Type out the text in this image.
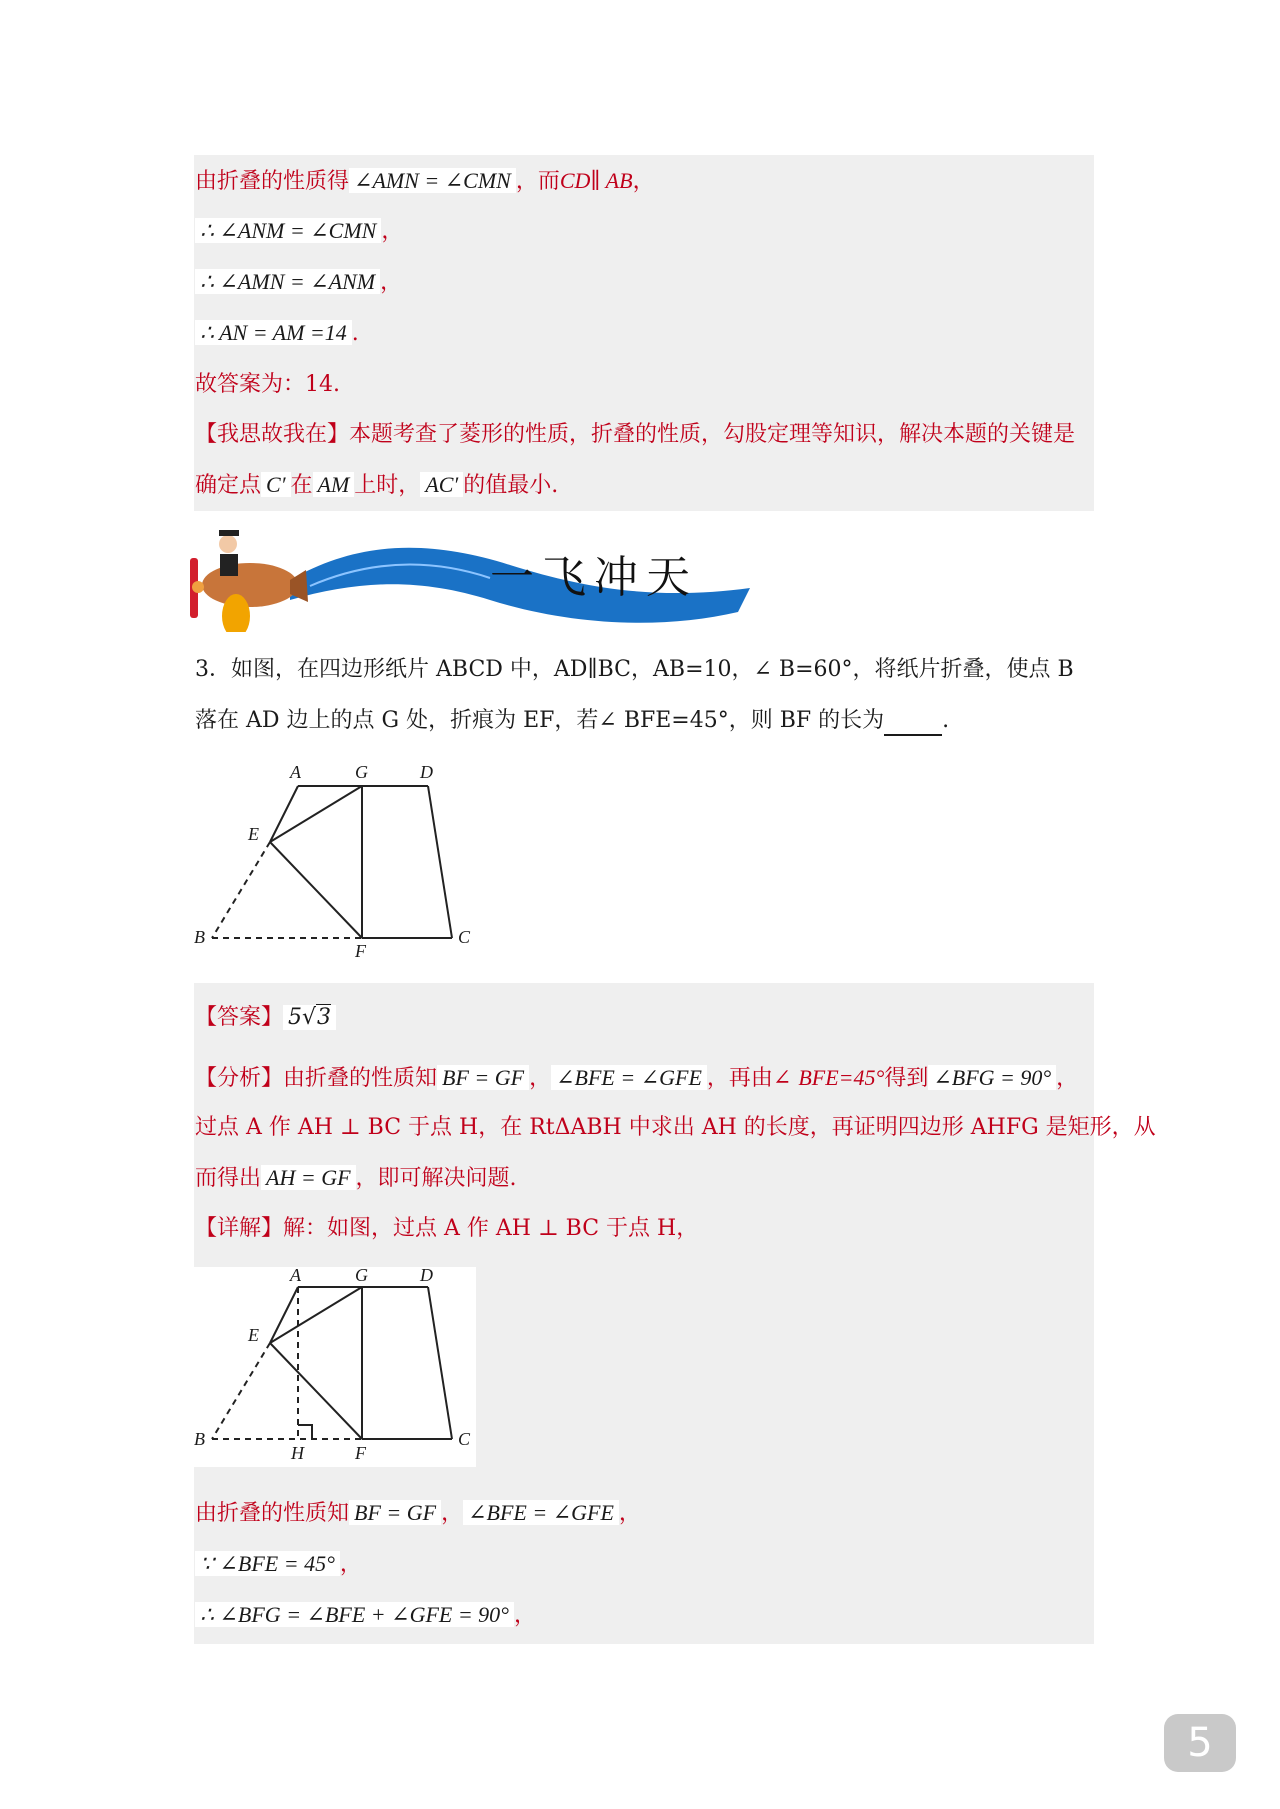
由折叠的性质得 ∠AMN = ∠CMN ，而CD∥ AB，
∴ ∠ANM = ∠CMN ，
∴ ∠AMN = ∠ANM ，
∴ AN = AM =14 .
故答案为：14.
【我思故我在】本题考查了菱形的性质，折叠的性质，勾股定理等知识，解决本题的关键是
确定点 C′ 在 AM 上时， AC′ 的值最小.
一飞冲天
3．如图，在四边形纸片 ABCD 中，AD∥BC，AB=10，∠ B=60°，将纸片折叠，使点 B
落在 AD 边上的点 G 处，折痕为 EF，若∠ BFE=45°，则 BF 的长为	.
A	G	D
E
B
F
C
【答案】 5√3
【分析】由折叠的性质知 BF = GF ， ∠BFE = ∠GFE ，再由∠ BFE=45°得到 ∠BFG = 90° ，
过点 A 作 AH ⊥ BC 于点 H，在 RtΔABH 中求出 AH 的长度，再证明四边形 AHFG 是矩形，从
而得出 AH = GF ，即可解决问题.
【详解】解：如图，过点 A 作 AH ⊥ BC 于点 H，
A	G	D
E
B
H	F
C
由折叠的性质知 BF = GF ， ∠BFE = ∠GFE ，
∵ ∠BFE = 45° ，
∴ ∠BFG = ∠BFE + ∠GFE = 90° ，
5
